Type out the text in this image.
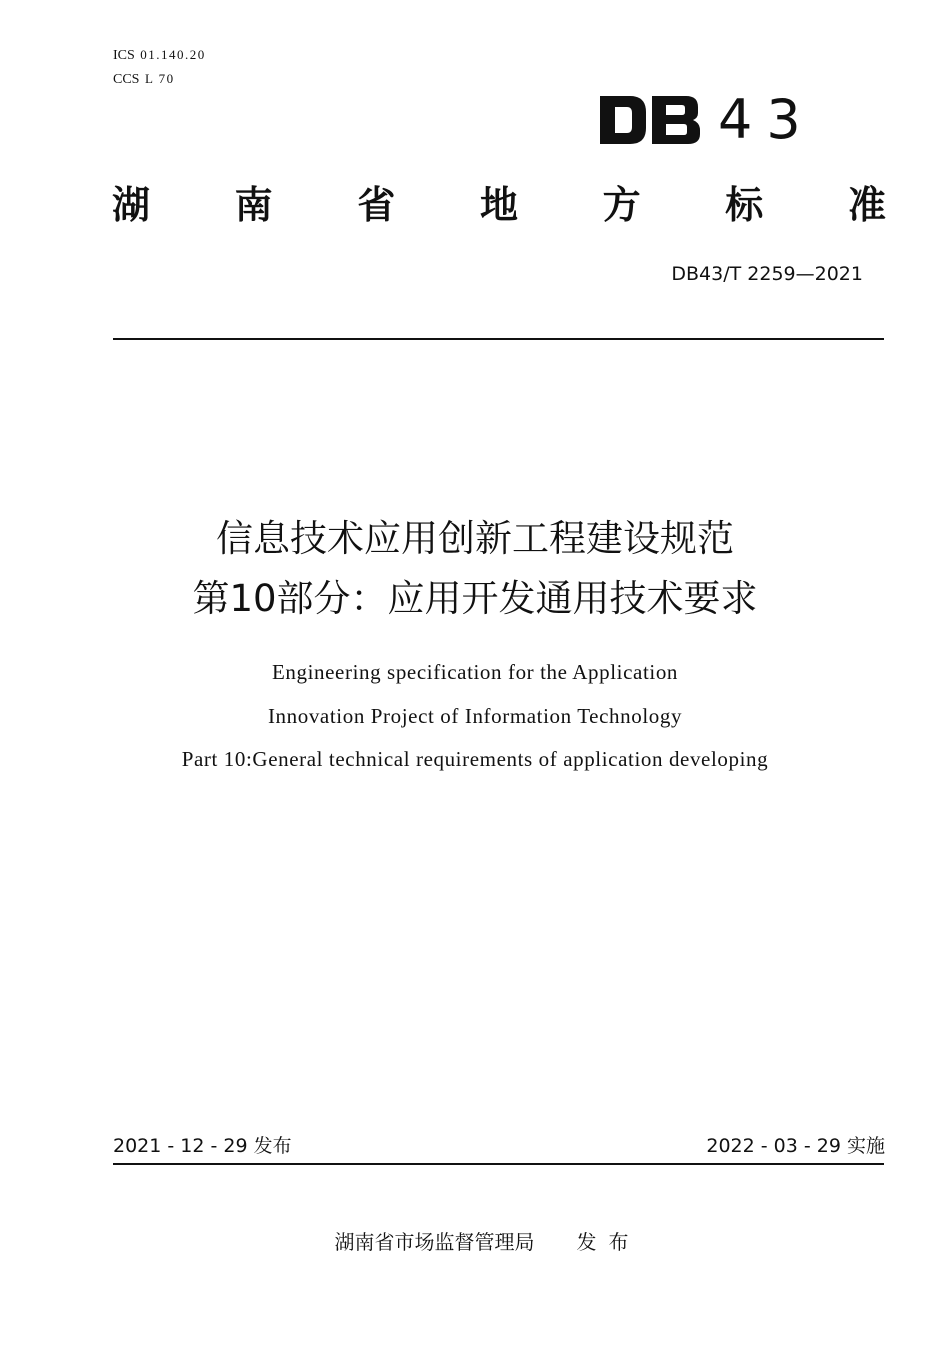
ICS 01.140.20
CCS L 70
43
湖 南 省 地 方 标 准
DB43/T 2259—2021
信息技术应用创新工程建设规范
第10部分：应用开发通用技术要求
Engineering specification for the Application
Innovation Project of Information Technology
Part 10:General technical requirements of application developing
2021 - 12 - 29 发布	2022 - 03 - 29 实施
湖南省市场监督管理局 发布
